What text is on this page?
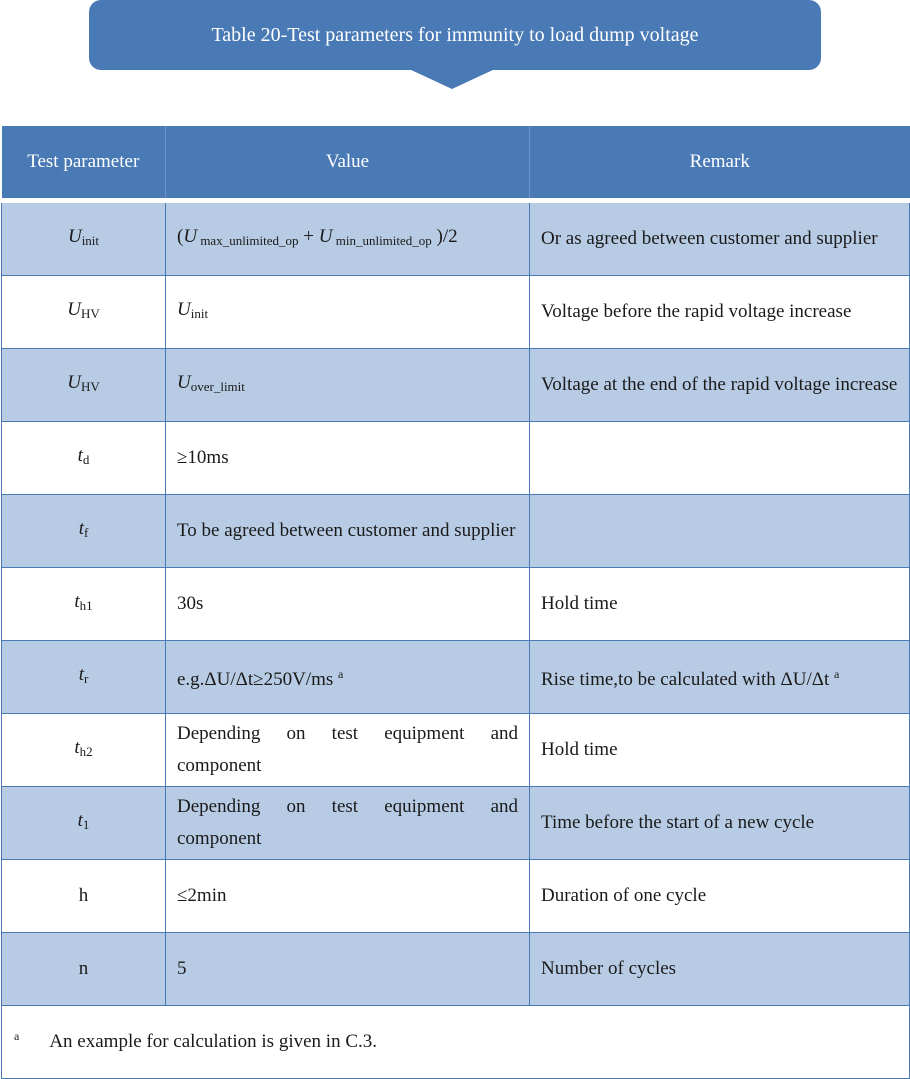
Table 20-Test parameters for immunity to load dump voltage
Test parameter	Value	Remark
$U_{init}$	(U $_{max\_unlimited\_op}$ + U $_{min\_unlimited\_op}$ )/2	Or as agreed between customer and supplier
$U_{HV}$	$U_{init}$	Voltage before the rapid voltage increase
$U_{HV}$	$U_{over\_limit}$	Voltage at the end of the rapid voltage increase
$t_d$	≥10ms	
$t_f$	To be agreed between customer and supplier	
$t_{h1}$	30s	Hold time
$t_r$	e.g.ΔU/Δt≥250V/ms $^a$	Rise time,to be calculated with ΔU/Δt $^a$
$t_{h2}$	Depending on test equipment and component	Hold time
$t_1$	Depending on test equipment and component	Time before the start of a new cycle
h	≤2min	Duration of one cycle
n	5	Number of cycles

a An example for calculation is given in C.3.		
